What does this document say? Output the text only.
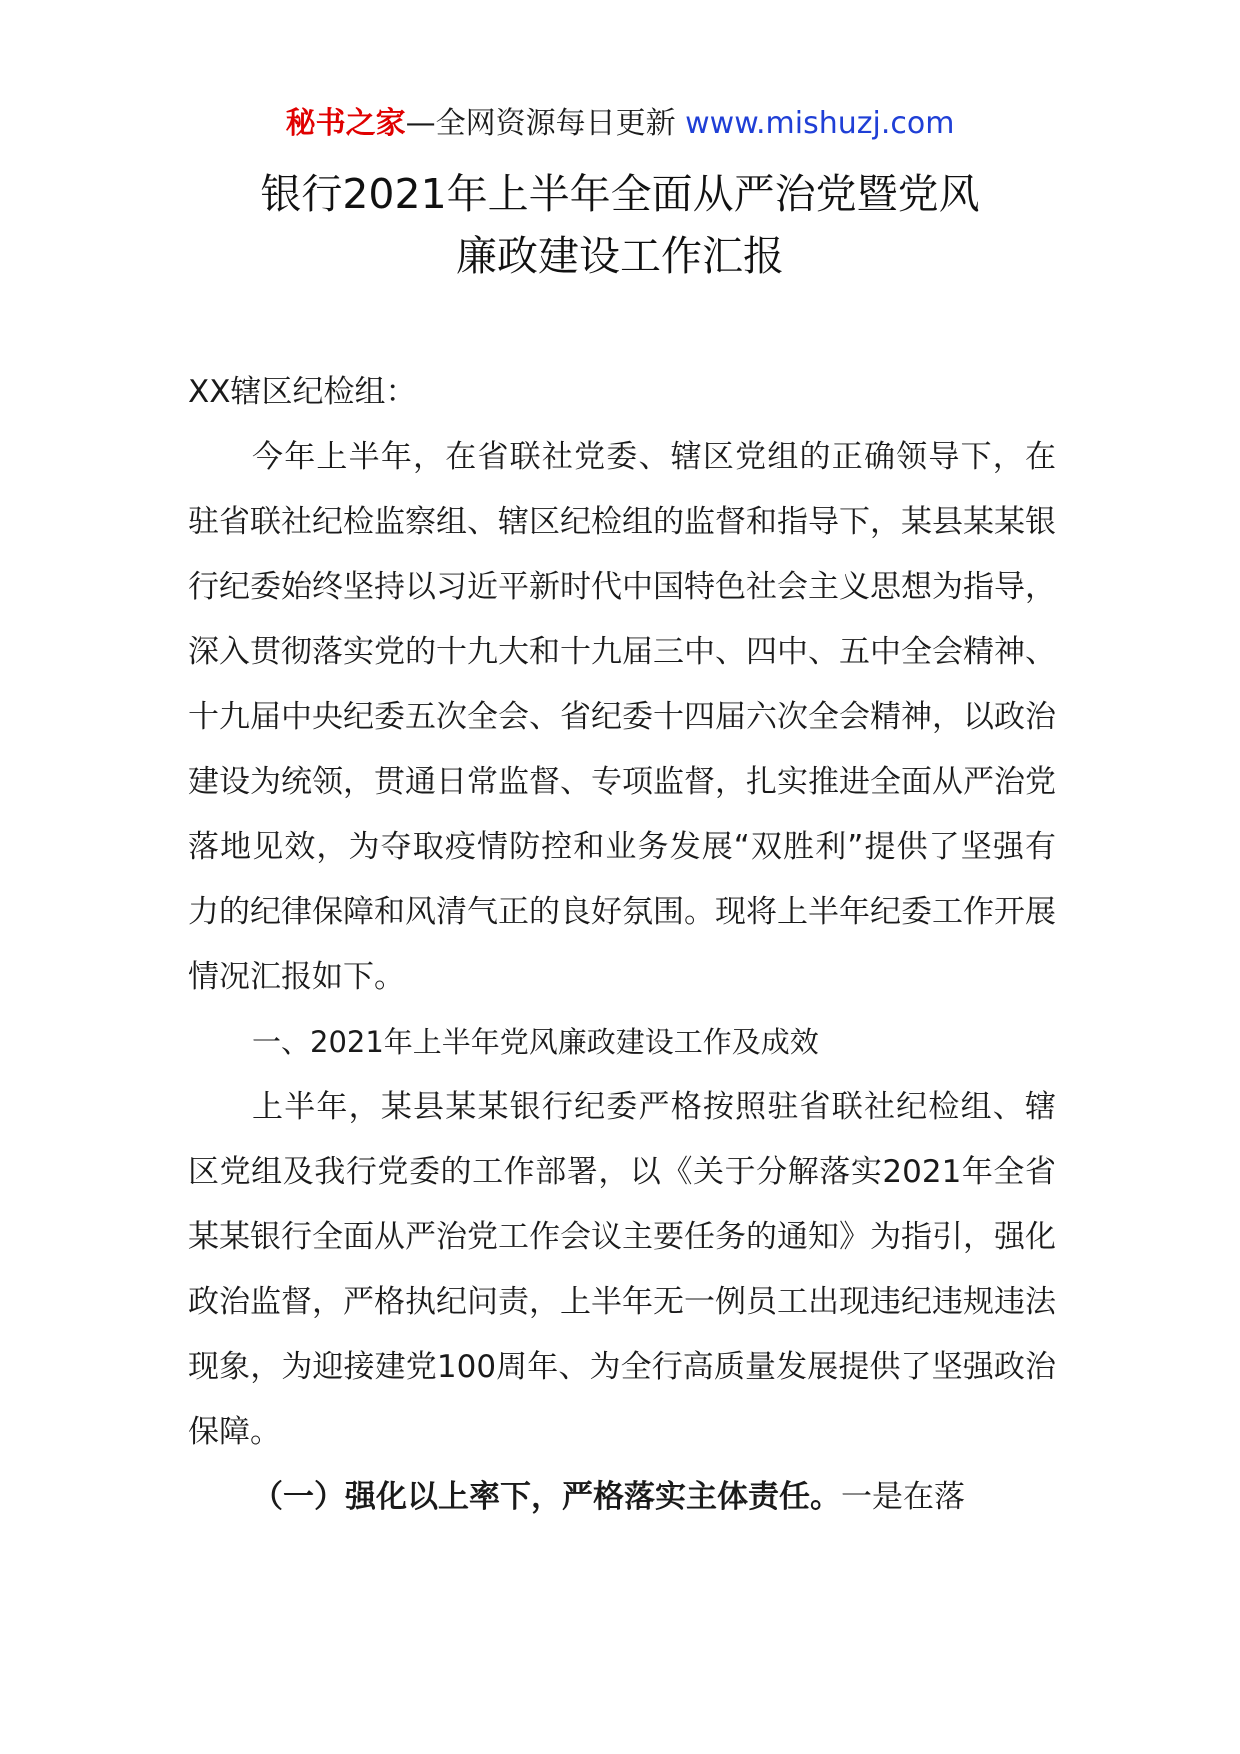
秘书之家—全网资源每日更新 www.mishuzj.com
银行2021年上半年全面从严治党暨党风
廉政建设工作汇报

XX辖区纪检组：

今年上半年，在省联社党委、辖区党组的正确领导下，在驻省联社纪检监察组、辖区纪检组的监督和指导下，某县某某银行纪委始终坚持以习近平新时代中国特色社会主义思想为指导，深入贯彻落实党的十九大和十九届三中、四中、五中全会精神、十九届中央纪委五次全会、省纪委十四届六次全会精神，以政治建设为统领，贯通日常监督、专项监督，扎实推进全面从严治党落地见效，为夺取疫情防控和业务发展“双胜利”提供了坚强有力的纪律保障和风清气正的良好氛围。现将上半年纪委工作开展情况汇报如下。

一、2021年上半年党风廉政建设工作及成效

上半年，某县某某银行纪委严格按照驻省联社纪检组、辖区党组及我行党委的工作部署，以《关于分解落实2021年全省某某银行全面从严治党工作会议主要任务的通知》为指引，强化政治监督，严格执纪问责，上半年无一例员工出现违纪违规违法现象，为迎接建党100周年、为全行高质量发展提供了坚强政治保障。

（一）强化以上率下，严格落实主体责任。一是在落
